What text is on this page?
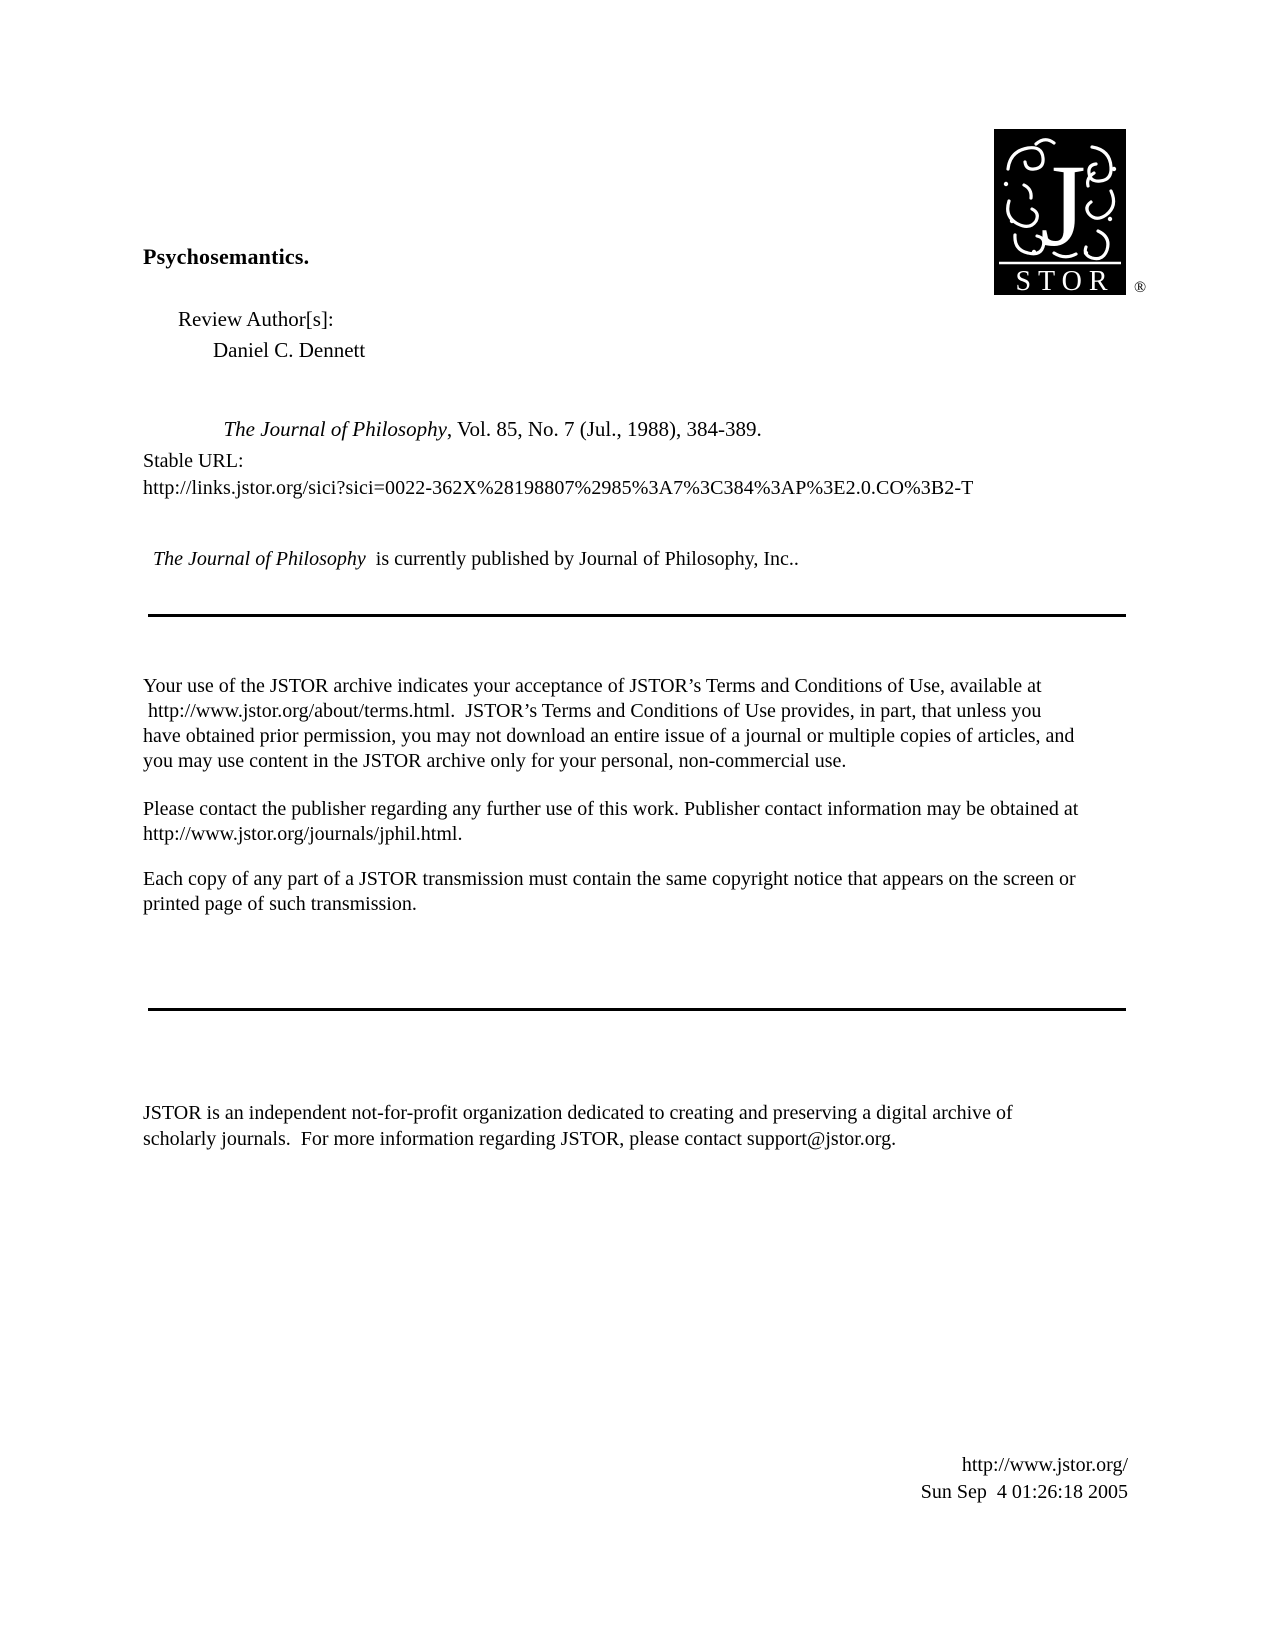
Psychosemantics.
Review Author[s]:
Daniel C. Dennett

The Journal of Philosophy, Vol. 85, No. 7 (Jul., 1988), 384-389.

Stable URL:
http://links.jstor.org/sici?sici=0022-362X%28198807%2985%3A7%3C384%3AP%3E2.0.CO%3B2-T

The Journal of Philosophy  is currently published by Journal of Philosophy, Inc..

J
STOR ®
Your use of the JSTOR archive indicates your acceptance of JSTOR’s Terms and Conditions of Use, available at
http://www.jstor.org/about/terms.html.  JSTOR’s Terms and Conditions of Use provides, in part, that unless you
have obtained prior permission, you may not download an entire issue of a journal or multiple copies of articles, and
you may use content in the JSTOR archive only for your personal, non-commercial use.
Please contact the publisher regarding any further use of this work. Publisher contact information may be obtained at
http://www.jstor.org/journals/jphil.html.
Each copy of any part of a JSTOR transmission must contain the same copyright notice that appears on the screen or
printed page of such transmission.
JSTOR is an independent not-for-profit organization dedicated to creating and preserving a digital archive of
scholarly journals.  For more information regarding JSTOR, please contact support@jstor.org.
http://www.jstor.org/
Sun Sep  4 01:26:18 2005
